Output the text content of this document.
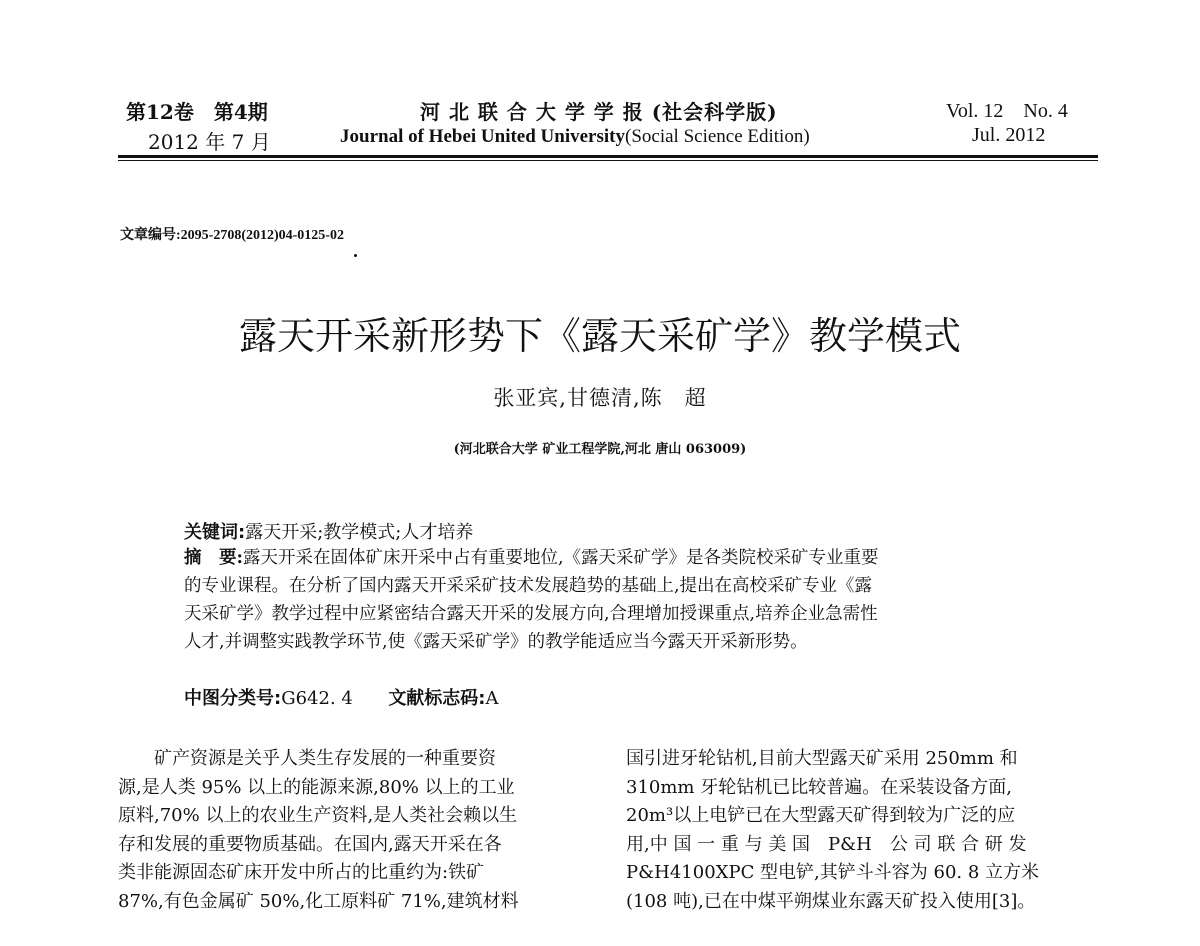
第12卷　第4期
2012 年 7 月
河 北 联 合 大 学 学 报 (社会科学版)
Journal of Hebei United University(Social Science Edition)
Vol. 12　No. 4
Jul. 2012
文章编号:2095-2708(2012)04-0125-02
露天开采新形势下《露天采矿学》教学模式
张亚宾,甘德清,陈　超
(河北联合大学 矿业工程学院,河北 唐山 063009)
关键词:露天开采;教学模式;人才培养
摘　要:露天开采在固体矿床开采中占有重要地位,《露天采矿学》是各类院校采矿专业重要
的专业课程。在分析了国内露天开采采矿技术发展趋势的基础上,提出在高校采矿专业《露
天采矿学》教学过程中应紧密结合露天开采的发展方向,合理增加授课重点,培养企业急需性
人才,并调整实践教学环节,使《露天采矿学》的教学能适应当今露天开采新形势。
中图分类号:G642. 4 文献标志码:A
　　矿产资源是关乎人类生存发展的一种重要资
源,是人类 95% 以上的能源来源,80% 以上的工业
原料,70% 以上的农业生产资料,是人类社会赖以生
存和发展的重要物质基础。在国内,露天开采在各
类非能源固态矿床开发中所占的比重约为:铁矿
87%,有色金属矿 50%,化工原料矿 71%,建筑材料
国引进牙轮钻机,目前大型露天矿采用 250mm 和
310mm 牙轮钻机已比较普遍。在采装设备方面,
20m³以上电铲已在大型露天矿得到较为广泛的应
用,中 国 一 重 与 美 国　P&H　公 司 联 合 研 发
P&H4100XPC 型电铲,其铲斗斗容为 60. 8 立方米
(108 吨),已在中煤平朔煤业东露天矿投入使用[3]。
